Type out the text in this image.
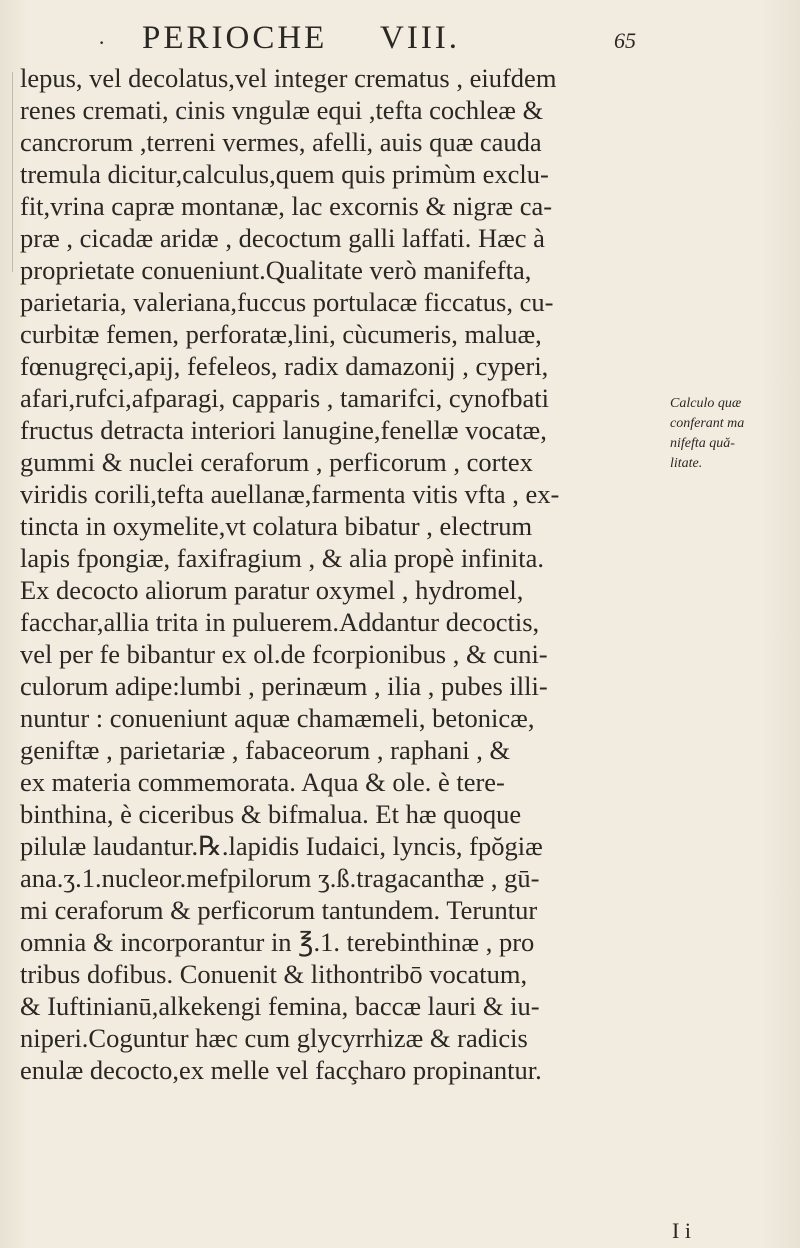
· PERIOCHE VIII.	65
lepus, vel decolatus,vel integer crematus , eiufdem
renes cremati, cinis vngulæ equi ,tefta cochleæ &
cancrorum ,terreni vermes, afelli, auis quæ cauda
tremula dicitur,calculus,quem quis primùm exclu-
fit,vrina capræ montanæ, lac excornis & nigræ ca-
præ , cicadæ aridæ , decoctum galli laffati. Hæc à
proprietate conueniunt.Qualitate verò manifefta,
parietaria, valeriana,fuccus portulacæ ficcatus, cu-
curbitæ femen, perforatæ,lini, cùcumeris, maluæ,
fœnugręci,apij, fefeleos, radix damazonij , cyperi,
afari,rufci,afparagi, capparis , tamarifci, cynofbati
fructus detracta interiori lanugine,fenellæ vocatæ,
gummi & nuclei ceraforum , perficorum , cortex
viridis corili,tefta auellanæ,farmenta vitis vfta , ex-
tincta in oxymelite,vt colatura bibatur , electrum
lapis fpongiæ, faxifragium , & alia propè infinita.
Ex decocto aliorum paratur oxymel , hydromel,
facchar,allia trita in puluerem.Addantur decoctis,
vel per fe bibantur ex ol.de fcorpionibus , & cuni-
culorum adipe:lumbi , perinæum , ilia , pubes illi-
nuntur : conueniunt aquæ chamæmeli, betonicæ,
geniftæ , parietariæ , fabaceorum , raphani , &
ex materia commemorata. Aqua & ole. è tere-
binthina, è ciceribus & bifmalua. Et hæ quoque
pilulæ laudantur.℞.lapidis Iudaici, lyncis, fpŏgiæ
ana.ʒ.1.nucleor.mefpilorum ʒ.ß.tragacanthæ , gū-
mi ceraforum & perficorum tantundem. Teruntur
omnia & incorporantur in ℥.1. terebinthinæ , pro
tribus dofibus. Conuenit & lithontribō vocatum,
& Iuftinianū,alkekengi femina, baccæ lauri & iu-
niperi.Coguntur hæc cum glycyrrhizæ & radicis
enulæ decocto,ex melle vel facçharo propinantur.
Calculo quæ
conferant ma
nifefta quă-
litate.
I i
